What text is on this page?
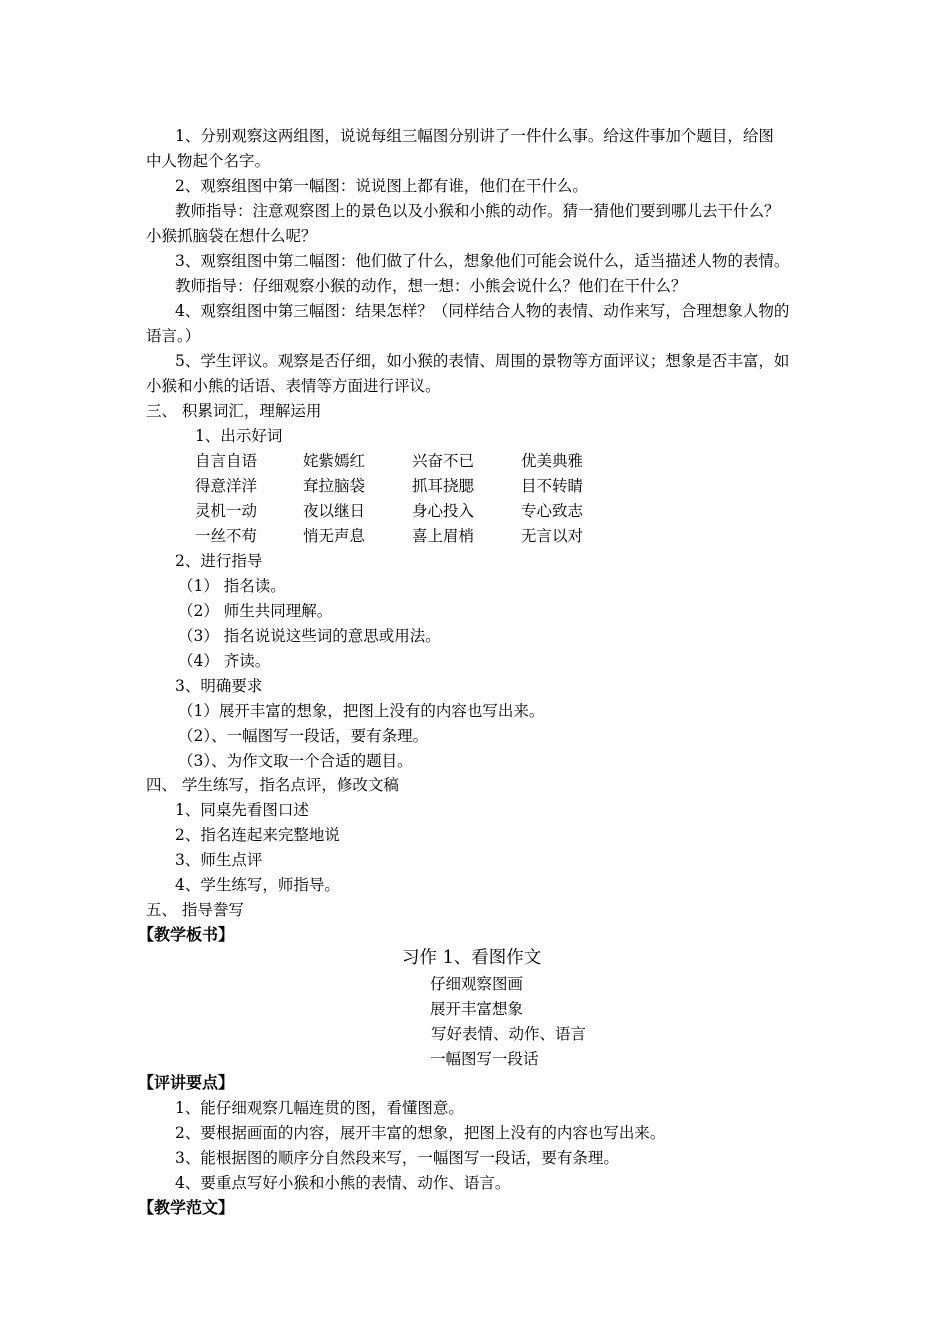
1、分别观察这两组图，说说每组三幅图分别讲了一件什么事。给这件事加个题目，给图
中人物起个名字。
2、观察组图中第一幅图：说说图上都有谁，他们在干什么。
教师指导：注意观察图上的景色以及小猴和小熊的动作。猜一猜他们要到哪儿去干什么？
小猴抓脑袋在想什么呢？
3、观察组图中第二幅图：他们做了什么，想象他们可能会说什么，适当描述人物的表情。
教师指导：仔细观察小猴的动作，想一想：小熊会说什么？他们在干什么？
4、观察组图中第三幅图：结果怎样？（同样结合人物的表情、动作来写，合理想象人物的
语言。）
5、学生评议。观察是否仔细，如小猴的表情、周围的景物等方面评议；想象是否丰富，如
小猴和小熊的话语、表情等方面进行评议。
三、 积累词汇，理解运用
1、出示好词
自言自语	姹紫嫣红	兴奋不已	优美典雅
得意洋洋	耷拉脑袋	抓耳挠腮	目不转睛
灵机一动	夜以继日	身心投入	专心致志
一丝不苟	悄无声息	喜上眉梢	无言以对
2、进行指导
（1） 指名读。
（2） 师生共同理解。
（3） 指名说说这些词的意思或用法。
（4） 齐读。
3、明确要求
（1）展开丰富的想象，把图上没有的内容也写出来。
（2）、一幅图写一段话，要有条理。
（3）、为作文取一个合适的题目。
四、 学生练写，指名点评，修改文稿
1、同桌先看图口述
2、指名连起来完整地说
3、师生点评
4、学生练写，师指导。
五、 指导誊写
【教学板书】
习作 1、看图作文
仔细观察图画
展开丰富想象
写好表情、动作、语言
一幅图写一段话
【评讲要点】
1、能仔细观察几幅连贯的图，看懂图意。
2、要根据画面的内容，展开丰富的想象，把图上没有的内容也写出来。
3、能根据图的顺序分自然段来写，一幅图写一段话，要有条理。
4、要重点写好小猴和小熊的表情、动作、语言。
【教学范文】
